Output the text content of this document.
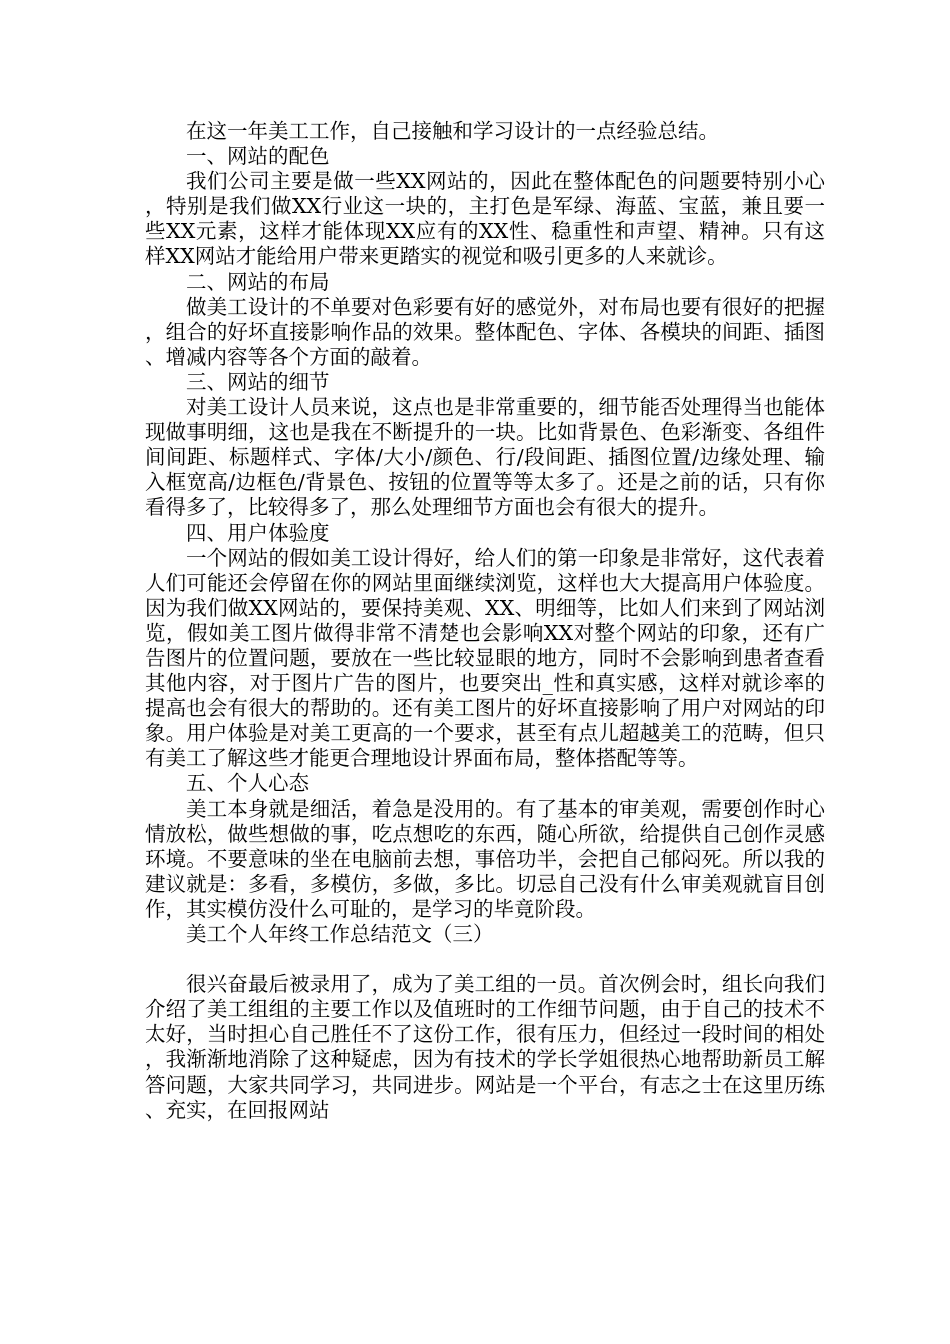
在这一年美工工作，自己接触和学习设计的一点经验总结。

一、网站的配色

我们公司主要是做一些XX网站的，因此在整体配色的问题要特别小心，特别是我们做XX行业这一块的，主打色是军绿、海蓝、宝蓝，兼且要一些XX元素，这样才能体现XX应有的XX性、稳重性和声望、精神。只有这样XX网站才能给用户带来更踏实的视觉和吸引更多的人来就诊。

二、网站的布局

做美工设计的不单要对色彩要有好的感觉外，对布局也要有很好的把握，组合的好坏直接影响作品的效果。整体配色、字体、各模块的间距、插图、增减内容等各个方面的敲着。

三、网站的细节

对美工设计人员来说，这点也是非常重要的，细节能否处理得当也能体现做事明细，这也是我在不断提升的一块。比如背景色、色彩渐变、各组件间间距、标题样式、字体/大小/颜色、行/段间距、插图位置/边缘处理、输入框宽高/边框色/背景色、按钮的位置等等太多了。还是之前的话，只有你看得多了，比较得多了，那么处理细节方面也会有很大的提升。

四、用户体验度

一个网站的假如美工设计得好，给人们的第一印象是非常好，这代表着人们可能还会停留在你的网站里面继续浏览，这样也大大提高用户体验度。因为我们做XX网站的，要保持美观、XX、明细等，比如人们来到了网站浏览，假如美工图片做得非常不清楚也会影响XX对整个网站的印象，还有广告图片的位置问题，要放在一些比较显眼的地方，同时不会影响到患者查看其他内容，对于图片广告的图片，也要突出_性和真实感，这样对就诊率的提高也会有很大的帮助的。还有美工图片的好坏直接影响了用户对网站的印象。用户体验是对美工更高的一个要求，甚至有点儿超越美工的范畴，但只有美工了解这些才能更合理地设计界面布局，整体搭配等等。

五、个人心态

美工本身就是细活，着急是没用的。有了基本的审美观，需要创作时心情放松，做些想做的事，吃点想吃的东西，随心所欲，给提供自己创作灵感环境。不要意味的坐在电脑前去想，事倍功半，会把自己郁闷死。所以我的建议就是：多看，多模仿，多做，多比。切忌自己没有什么审美观就盲目创作，其实模仿没什么可耻的，是学习的毕竟阶段。

美工个人年终工作总结范文（三）

很兴奋最后被录用了，成为了美工组的一员。首次例会时，组长向我们介绍了美工组组的主要工作以及值班时的工作细节问题，由于自己的技术不太好，当时担心自己胜任不了这份工作，很有压力，但经过一段时间的相处，我渐渐地消除了这种疑虑，因为有技术的学长学姐很热心地帮助新员工解答问题，大家共同学习，共同进步。网站是一个平台，有志之士在这里历练、充实，在回报网站
